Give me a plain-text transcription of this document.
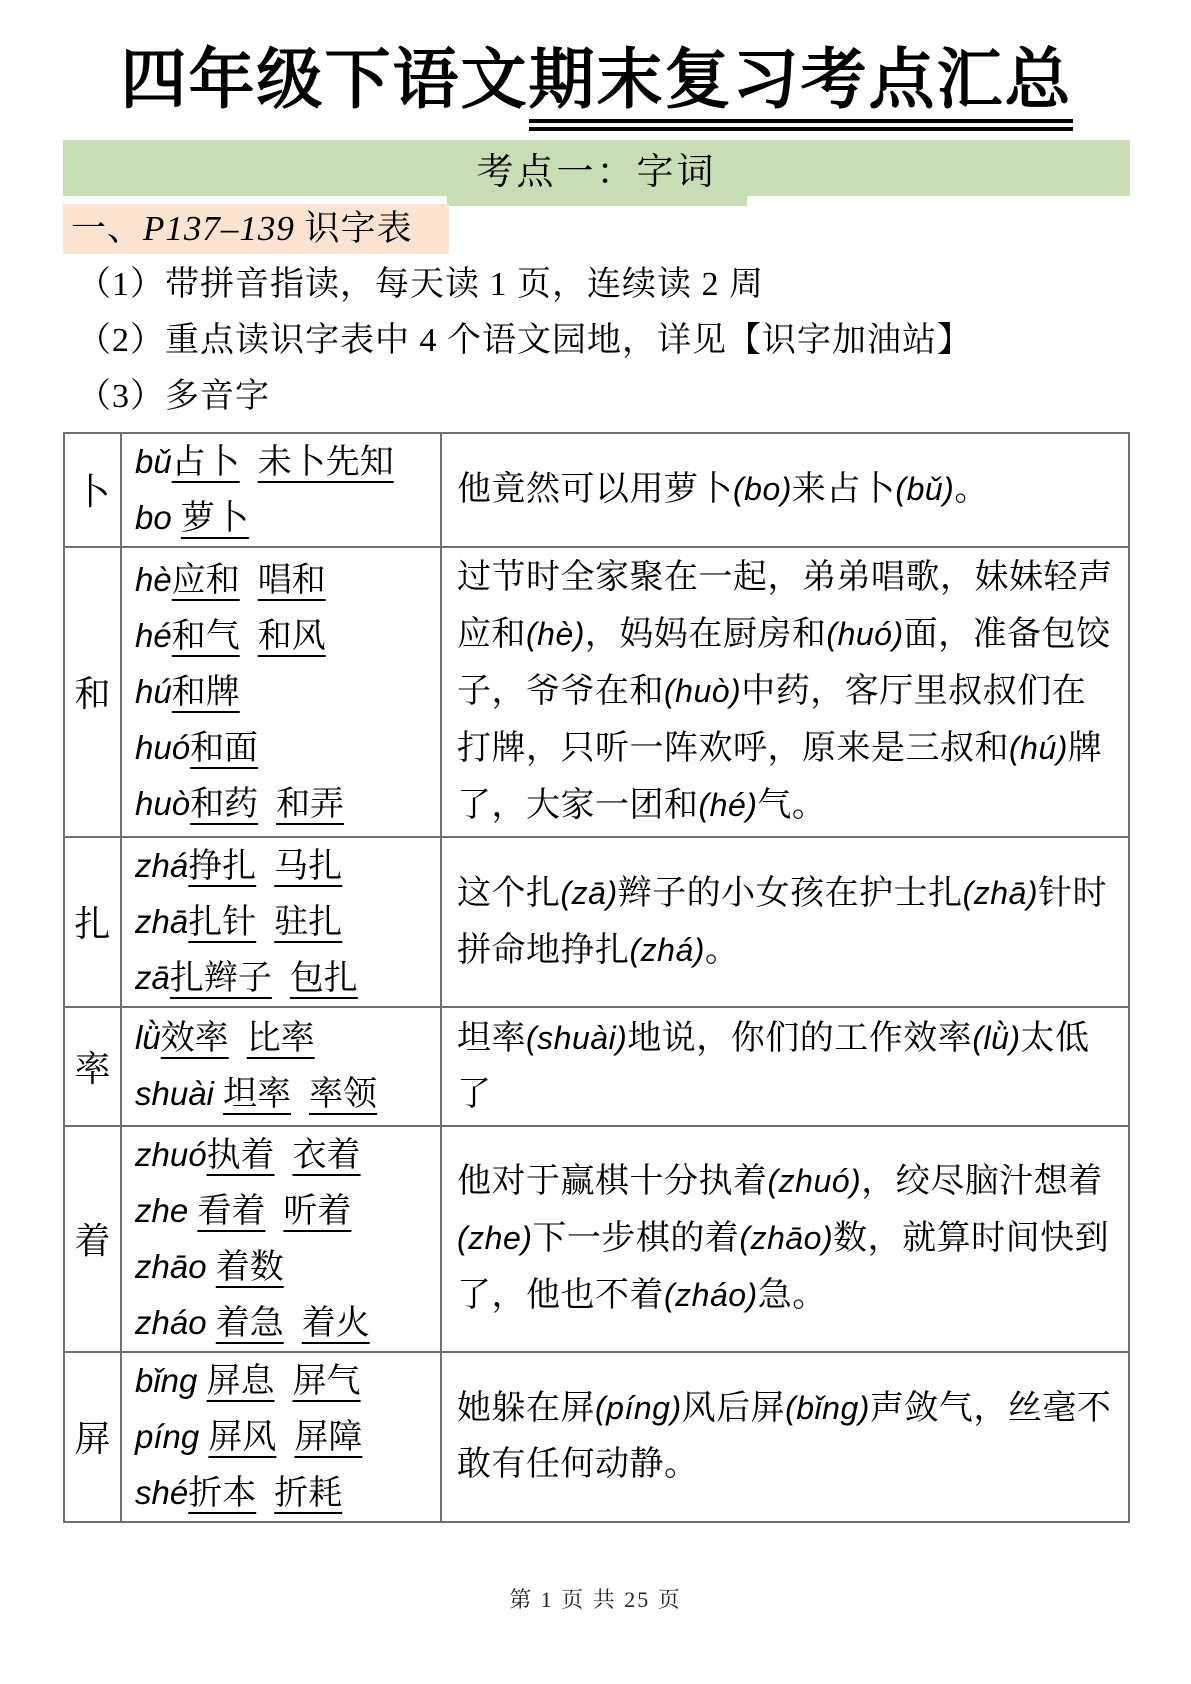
四年级下语文期末复习考点汇总
考点一：字词
一、P137–139 识字表

（1）带拼音指读，每天读 1 页，连续读 2 周

（2）重点读识字表中 4 个语文园地，详见【识字加油站】

（3）多音字

卜	bǔ占卜 未卜先知
bo 萝卜	他竟然可以用萝卜(bo)来占卜(bǔ)。
和	hè应和 唱和
hé和气 和风
hú和牌
huó和面
huò和药 和弄	过节时全家聚在一起，弟弟唱歌，妹妹轻声应和(hè)，妈妈在厨房和(huó)面，准备包饺子，爷爷在和(huò)中药，客厅里叔叔们在打牌，只听一阵欢呼，原来是三叔和(hú)牌了，大家一团和(hé)气。
扎	zhá挣扎 马扎
zhā扎针 驻扎
zā扎辫子 包扎	这个扎(zā)辫子的小女孩在护士扎(zhā)针时拼命地挣扎(zhá)。
率	lǜ效率 比率
shuài 坦率 率领	坦率(shuài)地说，你们的工作效率(lǜ)太低了
着	zhuó执着 衣着
zhe 看着 听着
zhāo 着数
zháo 着急 着火	他对于赢棋十分执着(zhuó)，绞尽脑汁想着(zhe)下一步棋的着(zhāo)数，就算时间快到了，他也不着(zháo)急。
屏	bǐng 屏息 屏气
píng 屏风 屏障
shé折本 折耗	她躲在屏(píng)风后屏(bǐng)声敛气，丝毫不敢有任何动静。
第 1 页 共 25 页
